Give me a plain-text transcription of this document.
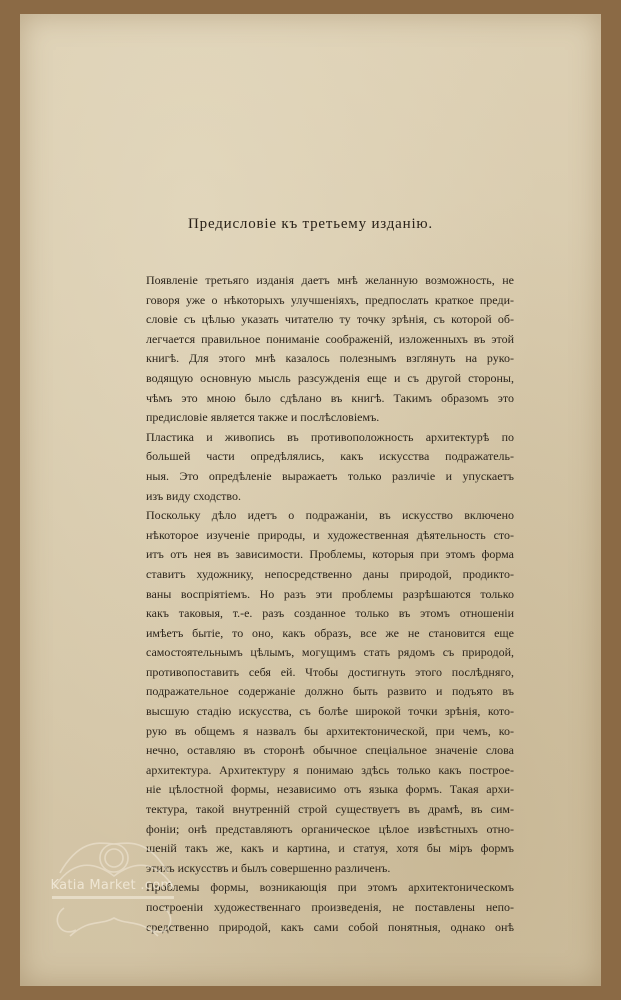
Предисловіе къ третьему изданію.
Появленіе третьяго изданія даетъ мнѣ желанную возможность, не
говоря уже о нѣкоторыхъ улучшеніяхъ, предпослать краткое преди-
словіе съ цѣлью указать читателю ту точку зрѣнія, съ которой об-
легчается правильное пониманіе соображеній, изложенныхъ въ этой
книгѣ. Для этого мнѣ казалось полезнымъ взглянуть на руко-
водящую основную мысль разсужденія еще и съ другой стороны,
чѣмъ это мною было сдѣлано въ книгѣ. Такимъ образомъ это
предисловіе является также и послѣсловіемъ.
Пластика и живопись въ противоположность архитектурѣ по
большей части опредѣлялись, какъ искусства подражатель-
ныя. Это опредѣленіе выражаетъ только различіе и упускаетъ
изъ виду сходство.
Поскольку дѣло идетъ о подражаніи, въ искусство включено
нѣкоторое изученіе природы, и художественная дѣятельность сто-
итъ отъ нея въ зависимости. Проблемы, которыя при этомъ форма
ставитъ художнику, непосредственно даны природой, продикто-
ваны воспріятіемъ. Но разъ эти проблемы разрѣшаются только
какъ таковыя, т.-е. разъ созданное только въ этомъ отношеніи
имѣетъ бытіе, то оно, какъ образъ, все же не становится еще
самостоятельнымъ цѣлымъ, могущимъ стать рядомъ съ природой,
противопоставить себя ей. Чтобы достигнуть этого послѣдняго,
подражательное содержаніе должно быть развито и подъято въ
высшую стадію искусства, съ болѣе широкой точки зрѣнія, кото-
рую въ общемъ я назвалъ бы архитектонической, при чемъ, ко-
нечно, оставляю въ сторонѣ обычное спеціальное значеніе слова
архитектура. Архитектуру я понимаю здѣсь только какъ построе-
ніе цѣлостной формы, независимо отъ языка формъ. Такая архи-
тектура, такой внутренній строй существуетъ въ драмѣ, въ сим-
фоніи; онѣ представляютъ органическое цѣлое извѣстныхъ отно-
шеній такъ же, какъ и картина, и статуя, хотя бы міръ формъ
этихъ искусствъ и былъ совершенно различенъ.
Проблемы формы, возникающія при этомъ архитектоническомъ
построеніи художественнаго произведенія, не поставлены непо-
средственно природой, какъ сами собой понятныя, однако онѣ
Katia Market .com
